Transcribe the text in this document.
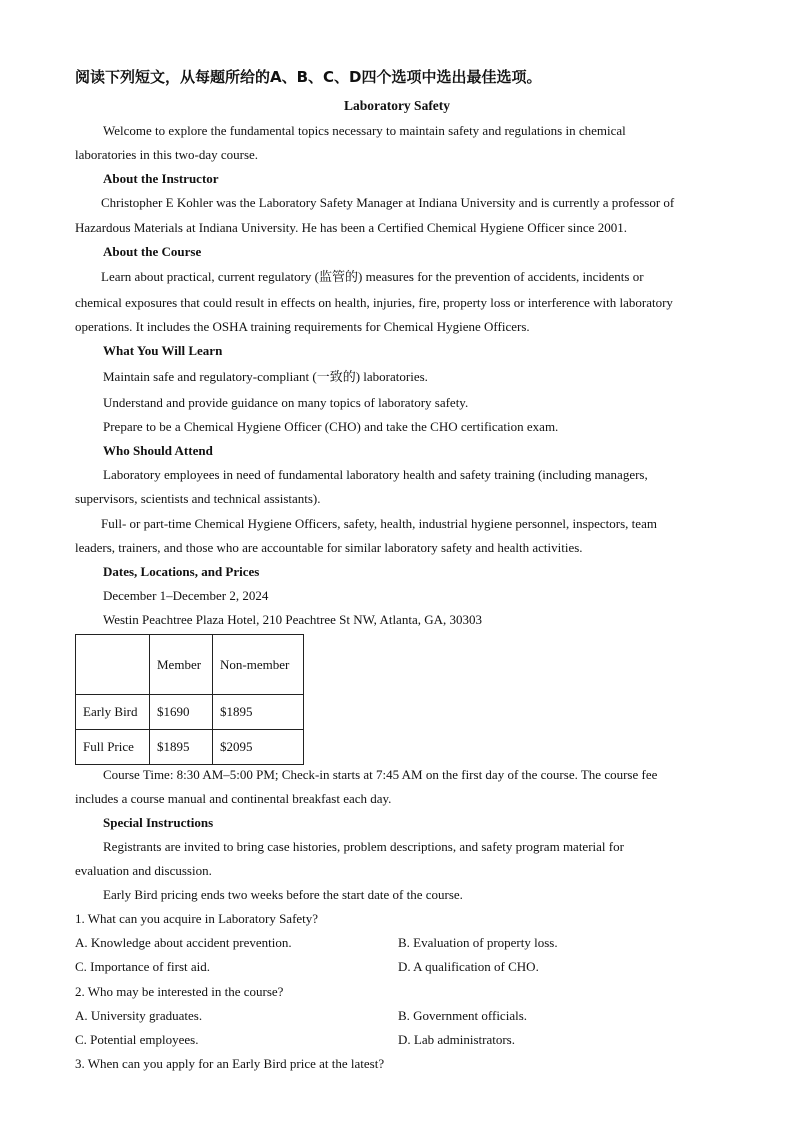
阅读下列短文，从每题所给的A、B、C、D四个选项中选出最佳选项。
Laboratory Safety
Welcome to explore the fundamental topics necessary to maintain safety and regulations in chemical
laboratories in this two-day course.
About the Instructor
Christopher E Kohler was the Laboratory Safety Manager at Indiana University and is currently a professor of
Hazardous Materials at Indiana University. He has been a Certified Chemical Hygiene Officer since 2001.
About the Course
Learn about practical, current regulatory (监管的) measures for the prevention of accidents, incidents or
chemical exposures that could result in effects on health, injuries, fire, property loss or interference with laboratory
operations. It includes the OSHA training requirements for Chemical Hygiene Officers.
What You Will Learn
Maintain safe and regulatory-compliant (一致的) laboratories.
Understand and provide guidance on many topics of laboratory safety.
Prepare to be a Chemical Hygiene Officer (CHO) and take the CHO certification exam.
Who Should Attend
Laboratory employees in need of fundamental laboratory health and safety training (including managers,
supervisors, scientists and technical assistants).
Full- or part-time Chemical Hygiene Officers, safety, health, industrial hygiene personnel, inspectors, team
leaders, trainers, and those who are accountable for similar laboratory safety and health activities.
Dates, Locations, and Prices
December 1–December 2, 2024
Westin Peachtree Plaza Hotel, 210 Peachtree St NW, Atlanta, GA, 30303
	Member	Non-member
Early Bird	$1690	$1895
Full Price	$1895	$2095
Course Time: 8:30 AM–5:00 PM; Check-in starts at 7:45 AM on the first day of the course. The course fee
includes a course manual and continental breakfast each day.
Special Instructions
Registrants are invited to bring case histories, problem descriptions, and safety program material for
evaluation and discussion.
Early Bird pricing ends two weeks before the start date of the course.
1. What can you acquire in Laboratory Safety?
A. Knowledge about accident prevention.	B. Evaluation of property loss.
C. Importance of first aid.	D. A qualification of CHO.
2. Who may be interested in the course?
A. University graduates.	B. Government officials.
C. Potential employees.	D. Lab administrators.
3. When can you apply for an Early Bird price at the latest?
